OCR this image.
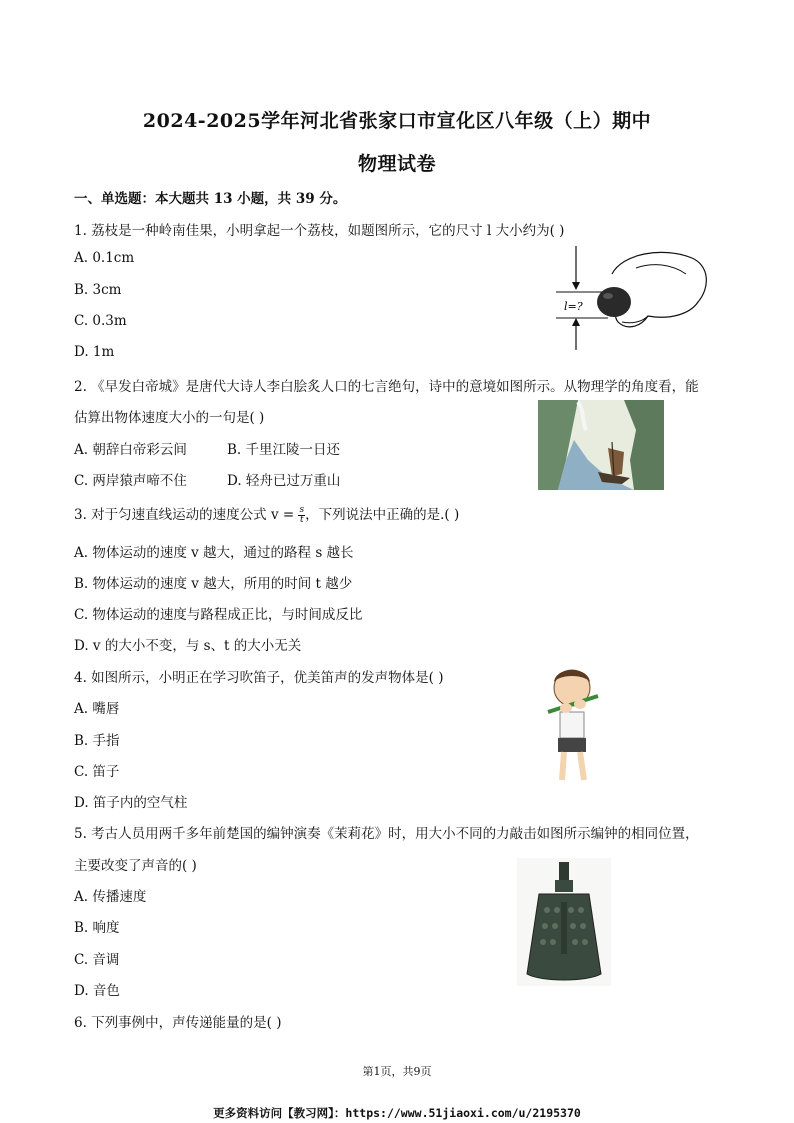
2024-2025学年河北省张家口市宣化区八年级（上）期中
物理试卷
一、单选题：本大题共 13 小题，共 39 分。
1. 荔枝是一种岭南佳果，小明拿起一个荔枝，如题图所示，它的尺寸 l 大小约为( )
A. 0.1cm
B. 3cm
C. 0.3m
D. 1m
l=?
2. 《早发白帝城》是唐代大诗人李白脍炙人口的七言绝句，诗中的意境如图所示。从物理学的角度看，能
估算出物体速度大小的一句是( )
A. 朝辞白帝彩云间	B. 千里江陵一日还
C. 两岸猿声啼不住	D. 轻舟已过万重山
3. 对于匀速直线运动的速度公式 $v = \frac{s}{t}$ ，下列说法中正确的是.( )
A. 物体运动的速度 v 越大，通过的路程 s 越长
B. 物体运动的速度 v 越大，所用的时间 t 越少
C. 物体运动的速度与路程成正比，与时间成反比
D. v 的大小不变，与 s、t 的大小无关
4. 如图所示，小明正在学习吹笛子，优美笛声的发声物体是( )
A. 嘴唇
B. 手指
C. 笛子
D. 笛子内的空气柱
5. 考古人员用两千多年前楚国的编钟演奏《茉莉花》时，用大小不同的力敲击如图所示编钟的相同位置，
主要改变了声音的( )
A. 传播速度
B. 响度
C. 音调
D. 音色
6. 下列事例中，声传递能量的是( )
第1页，共9页
更多资料访问【教习网】：https://www.51jiaoxi.com/u/2195370
